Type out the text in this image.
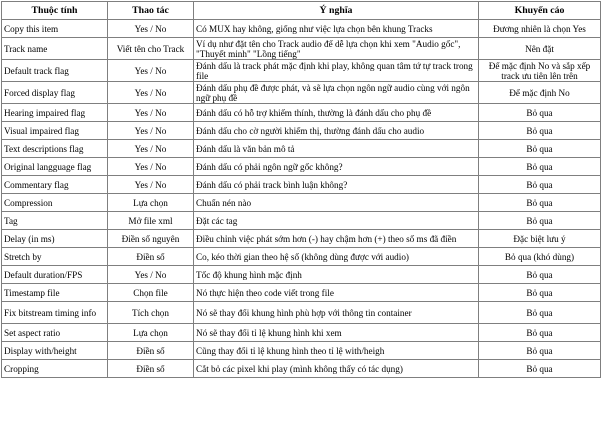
Thuộc tính	Thao tác	Ý nghĩa	Khuyến cáo
Copy this item	Yes / No	Có MUX hay không, giống như việc lựa chọn bên khung Tracks	Đương nhiên là chọn Yes
Track name	Viết tên cho Track	Ví dụ như đặt tên cho Track audio để dễ lựa chọn khi xem "Audio gốc", "Thuyết minh" "Lồng tiếng"	Nên đặt
Default track flag	Yes / No	Đánh dấu là track phát mặc định khi play, không quan tâm tứ tự track trong file	Để mặc định No và sắp xếp track ưu tiên lên trên
Forced display flag	Yes / No	Đánh dấu phụ đề được phát, và sẽ lựa chọn ngôn ngữ audio cùng với ngôn ngữ phụ đề	Để mặc định No
Hearing impaired flag	Yes / No	Đánh dấu có hỗ trợ khiếm thính, thường là đánh dấu cho phụ đề	Bỏ qua
Visual impaired flag	Yes / No	Đánh dấu cho cờ người khiếm thị, thường đánh dấu cho audio	Bỏ qua
Text descriptions flag	Yes / No	Đánh dấu là văn bản mô tả	Bỏ qua
Original langguage flag	Yes / No	Đánh dấu có phải ngôn ngữ gốc không?	Bỏ qua
Commentary flag	Yes / No	Đánh dấu có phải track bình luận không?	Bỏ qua
Compression	Lựa chọn	Chuẩn nén nào	Bỏ qua
Tag	Mở file xml	Đặt các tag	Bỏ qua
Delay (in ms)	Điền số nguyên	Điều chỉnh việc phát sớm hơn (-) hay chậm hơn (+) theo số ms đã điền	Đặc biệt lưu ý
Stretch by	Điền số	Co, kéo thời gian theo hệ số (không dùng được với audio)	Bỏ qua (khó dùng)
Default duration/FPS	Yes / No	Tốc độ khung hình mặc định	Bỏ qua
Timestamp file	Chọn file	Nó thực hiện theo code viết trong file	Bỏ qua
Fix bitstream timing info	Tích chọn	Nó sẽ thay đổi khung hình phù hợp với thông tin container	Bỏ qua
Set aspect ratio	Lựa chọn	Nó sẽ thay đổi tỉ lệ khung hình khi xem	Bỏ qua
Display with/height	Điền số	Cũng thay đổi tỉ lệ khung hình theo tỉ lệ with/heigh	Bỏ qua
Cropping	Điền số	Cắt bỏ các pixel khi play (mình không thấy có tác dụng)	Bỏ qua
